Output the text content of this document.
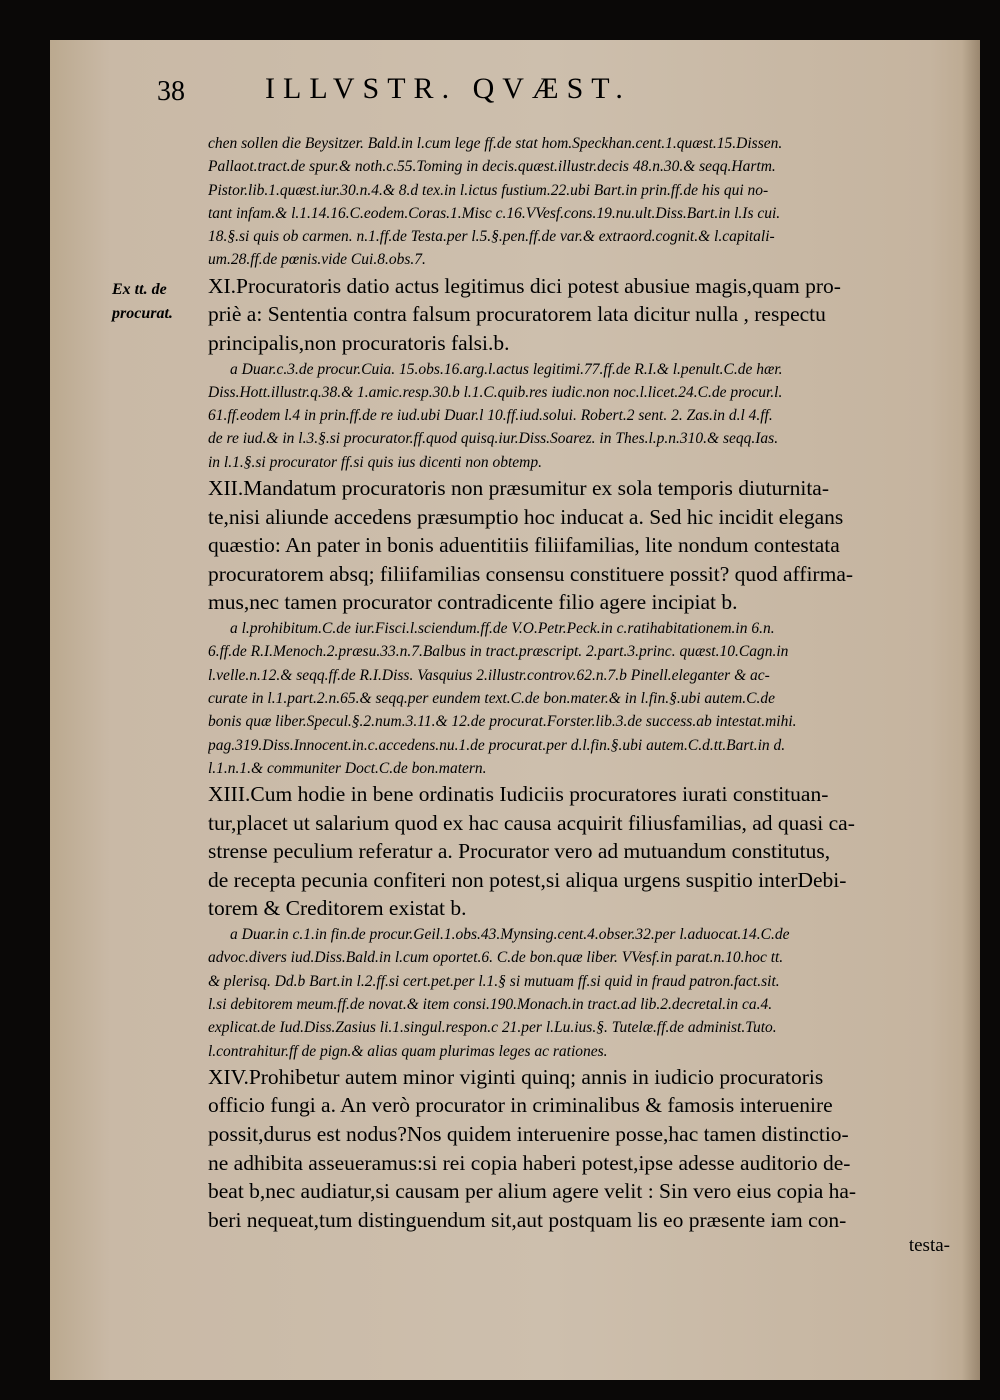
38	ILLVSTR. QVÆST.
Ex tt. de
procurat.

chen sollen die Beysitzer. Bald.in l.cum lege ff.de stat hom.Speckhan.cent.1.quæst.15.Dissen.

Pallaot.tract.de spur.& noth.c.55.Toming in decis.quæst.illustr.decis 48.n.30.& seqq.Hartm.

Pistor.lib.1.quæst.iur.30.n.4.& 8.d tex.in l.ictus fustium.22.ubi Bart.in prin.ff.de his qui no-

tant infam.& l.1.14.16.C.eodem.Coras.1.Misc c.16.VVesf.cons.19.nu.ult.Diss.Bart.in l.Is cui.

18.§.si quis ob carmen. n.1.ff.de Testa.per l.5.§.pen.ff.de var.& extraord.cognit.& l.capitali-

um.28.ff.de pœnis.vide Cui.8.obs.7.

XI.Procuratoris datio actus legitimus dici potest abusiue magis,quam pro-

priè a: Sententia contra falsum procuratorem lata dicitur nulla , respectu

principalis,non procuratoris falsi.b.

a Duar.c.3.de procur.Cuia. 15.obs.16.arg.l.actus legitimi.77.ff.de R.I.& l.penult.C.de hær.

Diss.Hott.illustr.q.38.& 1.amic.resp.30.b l.1.C.quib.res iudic.non noc.l.licet.24.C.de procur.l.

61.ff.eodem l.4 in prin.ff.de re iud.ubi Duar.l 10.ff.iud.solui. Robert.2 sent. 2. Zas.in d.l 4.ff.

de re iud.& in l.3.§.si procurator.ff.quod quisq.iur.Diss.Soarez. in Thes.l.p.n.310.& seqq.Ias.

in l.1.§.si procurator ff.si quis ius dicenti non obtemp.

XII.Mandatum procuratoris non præsumitur ex sola temporis diuturnita-

te,nisi aliunde accedens præsumptio hoc inducat a. Sed hic incidit elegans

quæstio: An pater in bonis aduentitiis filiifamilias, lite nondum contestata

procuratorem absq; filiifamilias consensu constituere possit? quod affirma-

mus,nec tamen procurator contradicente filio agere incipiat b.

a l.prohibitum.C.de iur.Fisci.l.sciendum.ff.de V.O.Petr.Peck.in c.ratihabitationem.in 6.n.

6.ff.de R.I.Menoch.2.præsu.33.n.7.Balbus in tract.præscript. 2.part.3.princ. quæst.10.Cagn.in

l.velle.n.12.& seqq.ff.de R.I.Diss. Vasquius 2.illustr.controv.62.n.7.b Pinell.eleganter & ac-

curate in l.1.part.2.n.65.& seqq.per eundem text.C.de bon.mater.& in l.fin.§.ubi autem.C.de

bonis quæ liber.Specul.§.2.num.3.11.& 12.de procurat.Forster.lib.3.de success.ab intestat.mihi.

pag.319.Diss.Innocent.in.c.accedens.nu.1.de procurat.per d.l.fin.§.ubi autem.C.d.tt.Bart.in d.

l.1.n.1.& communiter Doct.C.de bon.matern.

XIII.Cum hodie in bene ordinatis Iudiciis procuratores iurati constituan-

tur,placet ut salarium quod ex hac causa acquirit filiusfamilias, ad quasi ca-

strense peculium referatur a. Procurator vero ad mutuandum constitutus,

de recepta pecunia confiteri non potest,si aliqua urgens suspitio interDebi-

torem & Creditorem existat b.

a Duar.in c.1.in fin.de procur.Geil.1.obs.43.Mynsing.cent.4.obser.32.per l.aduocat.14.C.de

advoc.divers iud.Diss.Bald.in l.cum oportet.6. C.de bon.quæ liber. VVesf.in parat.n.10.hoc tt.

& plerisq. Dd.b Bart.in l.2.ff.si cert.pet.per l.1.§ si mutuam ff.si quid in fraud patron.fact.sit.

l.si debitorem meum.ff.de novat.& item consi.190.Monach.in tract.ad lib.2.decretal.in ca.4.

explicat.de Iud.Diss.Zasius li.1.singul.respon.c 21.per l.Lu.ius.§. Tutelæ.ff.de administ.Tuto.

l.contrahitur.ff de pign.& alias quam plurimas leges ac rationes.

XIV.Prohibetur autem minor viginti quinq; annis in iudicio procuratoris

officio fungi a. An verò procurator in criminalibus & famosis interuenire

possit,durus est nodus?Nos quidem interuenire posse,hac tamen distinctio-

ne adhibita asseueramus:si rei copia haberi potest,ipse adesse auditorio de-

beat b,nec audiatur,si causam per alium agere velit : Sin vero eius copia ha-

beri nequeat,tum distinguendum sit,aut postquam lis eo præsente iam con-

testa-
